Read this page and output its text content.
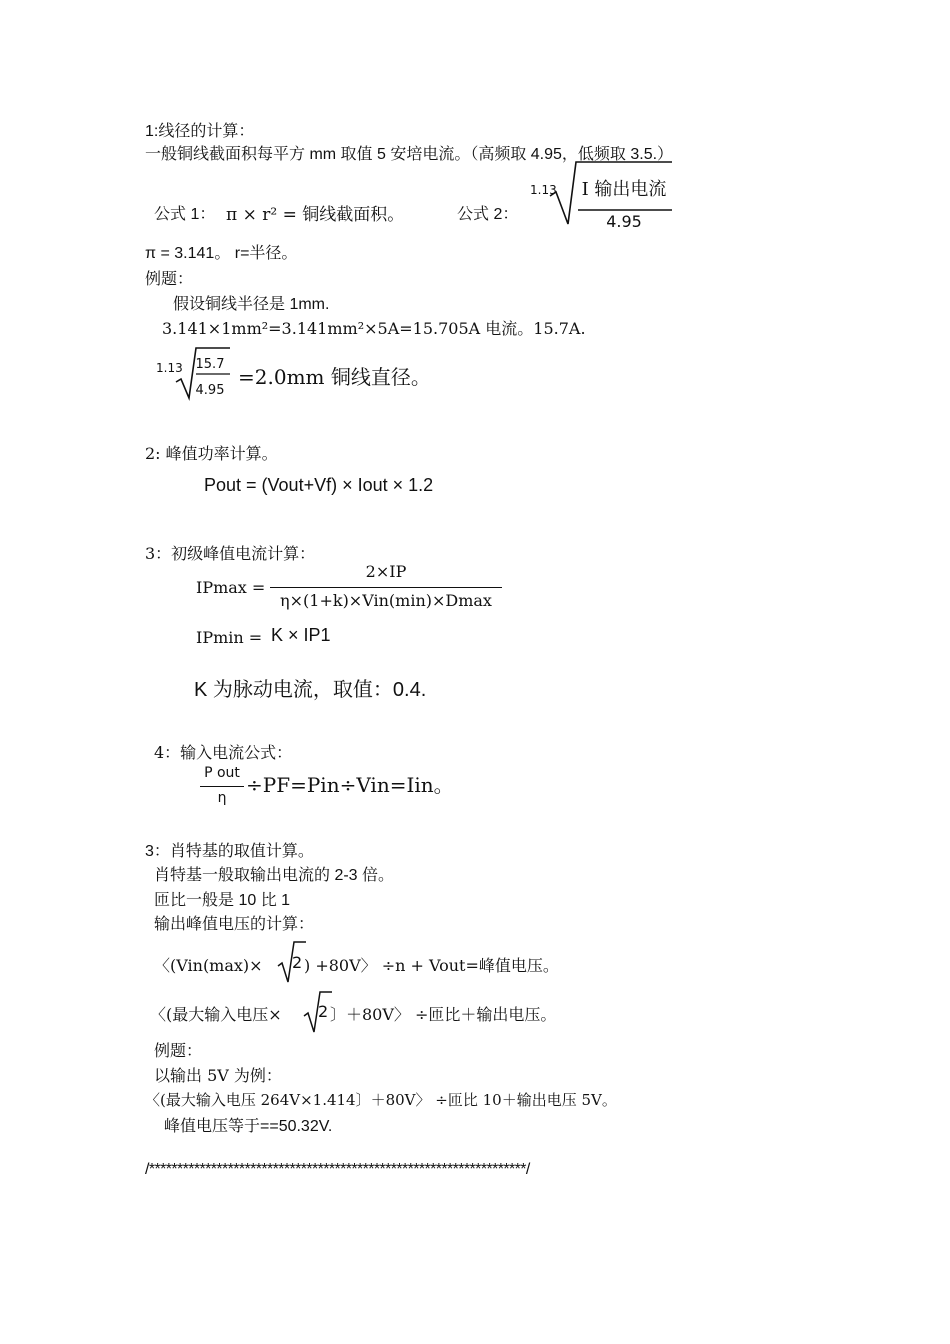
1:线径的计算：
一般铜线截面积每平方 mm 取值 5 安培电流。（高频取 4.95，低频取 3.5.）
公式 1： π × r² = 铜线截面积。	公式 2：
1.13	I 输出电流
4.95
π = 3.141。 r=半径。
例题：
假设铜线半径是 1mm.
3.141×1mm²=3.141mm²×5A=15.705A 电流。15.7A.
1.13 15.7
4.95
=2.0mm 铜线直径。
2: 峰值功率计算。
Pout = (Vout+Vf) × Iout × 1.2
3：初级峰值电流计算：
IPmax =
2×IP
η×(1+k)×Vin(min)×Dmax
IPmin = K × IP1
K 为脉动电流，取值：0.4.
4：输入电流公式：
P out
η
÷PF=Pin÷Vin=Iin。
3：肖特基的取值计算。
肖特基一般取输出电流的 2-3 倍。
匝比一般是 10 比 1
输出峰值电压的计算：
〈(Vin(max)× 2 ) +80V〉 ÷n + Vout=峰值电压。
〈(最大输入电压× 2 〕＋80V〉 ÷匝比＋输出电压。
例题：
以输出 5V 为例：
〈(最大输入电压 264V×1.414〕＋80V〉 ÷匝比 10＋输出电压 5V。
峰值电压等于==50.32V.
/*******************************************************************/
